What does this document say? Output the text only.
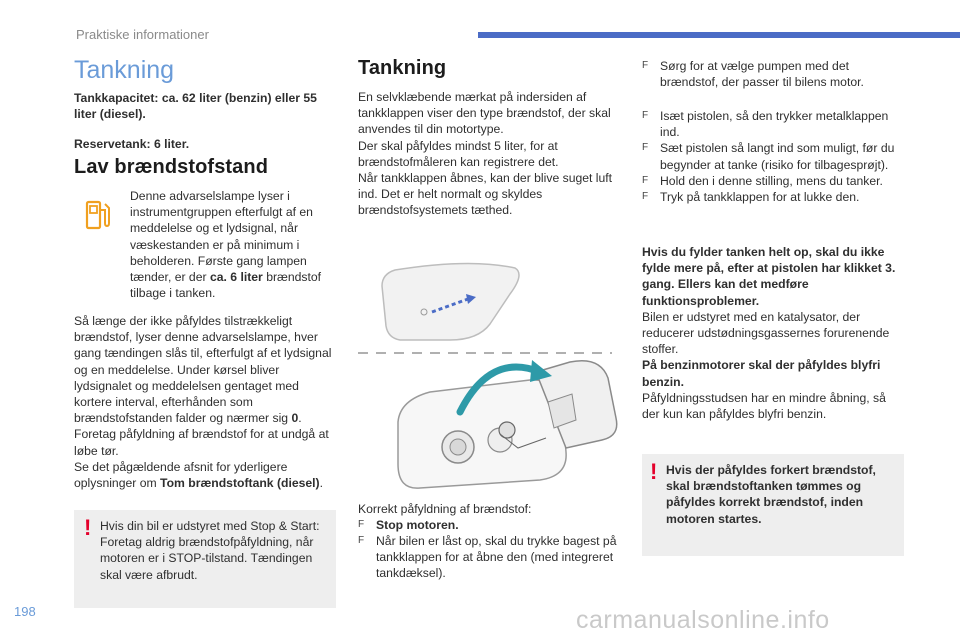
Praktiske informationer
Tankning
Tankkapacitet: ca. 62 liter (benzin) eller 55 liter (diesel).
Reservetank: 6 liter.
Lav brændstofstand
Denne advarselslampe lyser i instrumentgruppen efterfulgt af en meddelelse og et lydsignal, når væskestanden er på minimum i beholderen. Første gang lampen tænder, er der ca. 6 liter brændstof tilbage i tanken.
Så længe der ikke påfyldes tilstrækkeligt brændstof, lyser denne advarselslampe, hver gang tændingen slås til, efterfulgt af et lydsignal og en meddelelse. Under kørsel bliver lydsignalet og meddelelsen gentaget med kortere interval, efterhånden som brændstofstanden falder og nærmer sig 0.
Foretag påfyldning af brændstof for at undgå at løbe tør.
Se det pågældende afsnit for yderligere oplysninger om Tom brændstoftank (diesel).
! Hvis din bil er udstyret med Stop & Start: Foretag aldrig brændstofpåfyldning, når motoren er i STOP-tilstand. Tændingen skal være afbrudt.
Tankning
En selvklæbende mærkat på indersiden af tankklappen viser den type brændstof, der skal anvendes til din motortype.
Der skal påfyldes mindst 5 liter, for at brændstofmåleren kan registrere det.
Når tankklappen åbnes, kan der blive suget luft ind. Det er helt normalt og skyldes brændstofsystemets tæthed.
Korrekt påfyldning af brændstof:
F Stop motoren.
F Når bilen er låst op, skal du trykke bagest på tankklappen for at åbne den (med integreret tankdæksel).
F Sørg for at vælge pumpen med det brændstof, der passer til bilens motor.
F Isæt pistolen, så den trykker metalklappen ind.
F Sæt pistolen så langt ind som muligt, før du begynder at tanke (risiko for tilbagesprøjt).
F Hold den i denne stilling, mens du tanker.
F Tryk på tankklappen for at lukke den.
Hvis du fylder tanken helt op, skal du ikke fylde mere på, efter at pistolen har klikket 3. gang. Ellers kan det medføre funktionsproblemer.
Bilen er udstyret med en katalysator, der reducerer udstødningsgassernes forurenende stoffer.
På benzinmotorer skal der påfyldes blyfri benzin.
Påfyldningsstudsen har en mindre åbning, så der kun kan påfyldes blyfri benzin.
! Hvis der påfyldes forkert brændstof, skal brændstoftanken tømmes og påfyldes korrekt brændstof, inden motoren startes.
198	carmanualsonline.info
